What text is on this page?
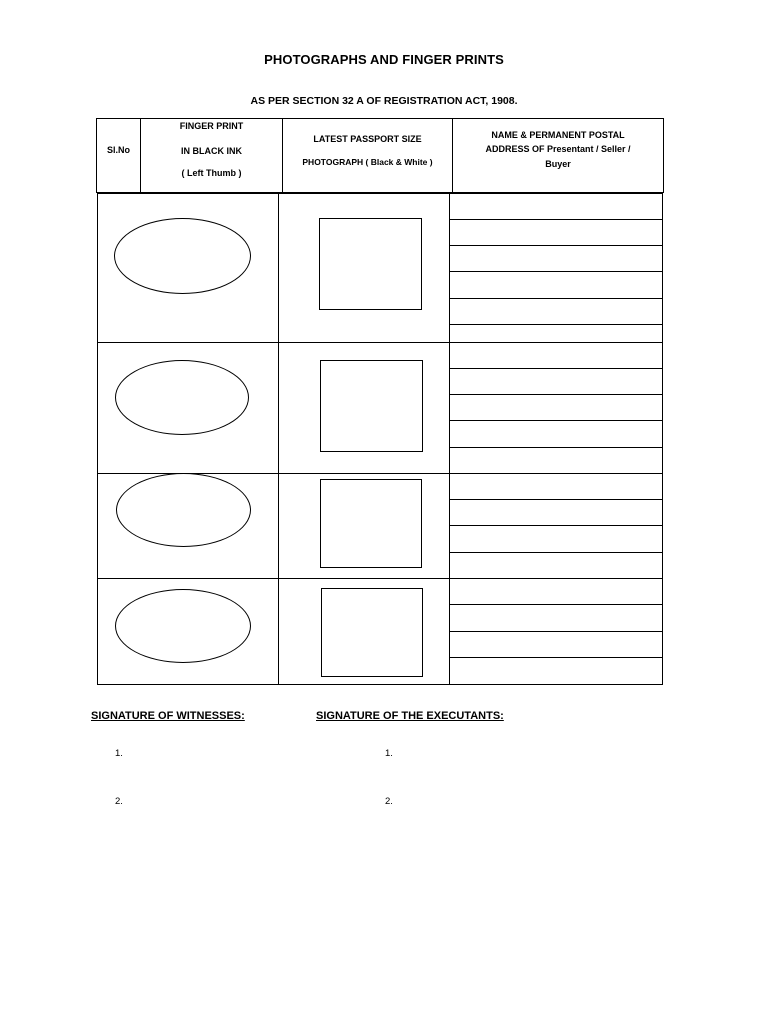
PHOTOGRAPHS AND FINGER PRINTS
AS PER SECTION 32 A OF REGISTRATION ACT, 1908.
Sl.No
FINGER PRINT
IN BLACK INK
( Left Thumb )
LATEST PASSPORT SIZE
PHOTOGRAPH ( Black & White )
NAME & PERMANENT POSTAL
ADDRESS OF Presentant / Seller /
Buyer
SIGNATURE OF WITNESSES:	SIGNATURE OF THE EXECUTANTS:
1.
2.
1.
2.
